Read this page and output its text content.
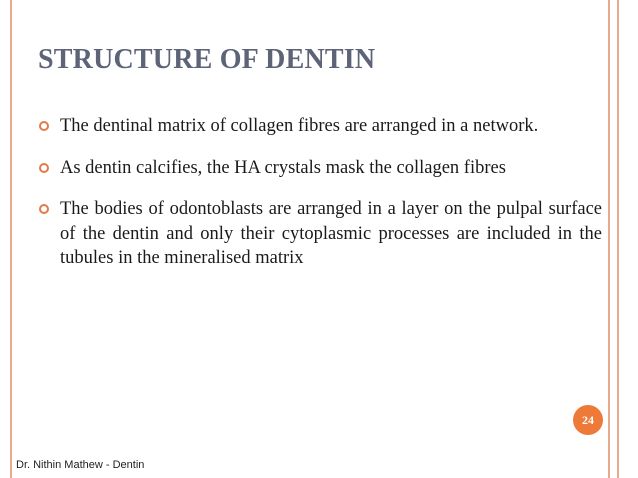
STRUCTURE OF DENTIN
The dentinal matrix of collagen fibres are arranged in a network.
As dentin calcifies, the HA crystals mask the collagen fibres
The bodies of odontoblasts are arranged in a layer on the pulpal surface of the dentin and only their cytoplasmic processes are included in the tubules in the mineralised matrix
24
Dr. Nithin Mathew - Dentin
